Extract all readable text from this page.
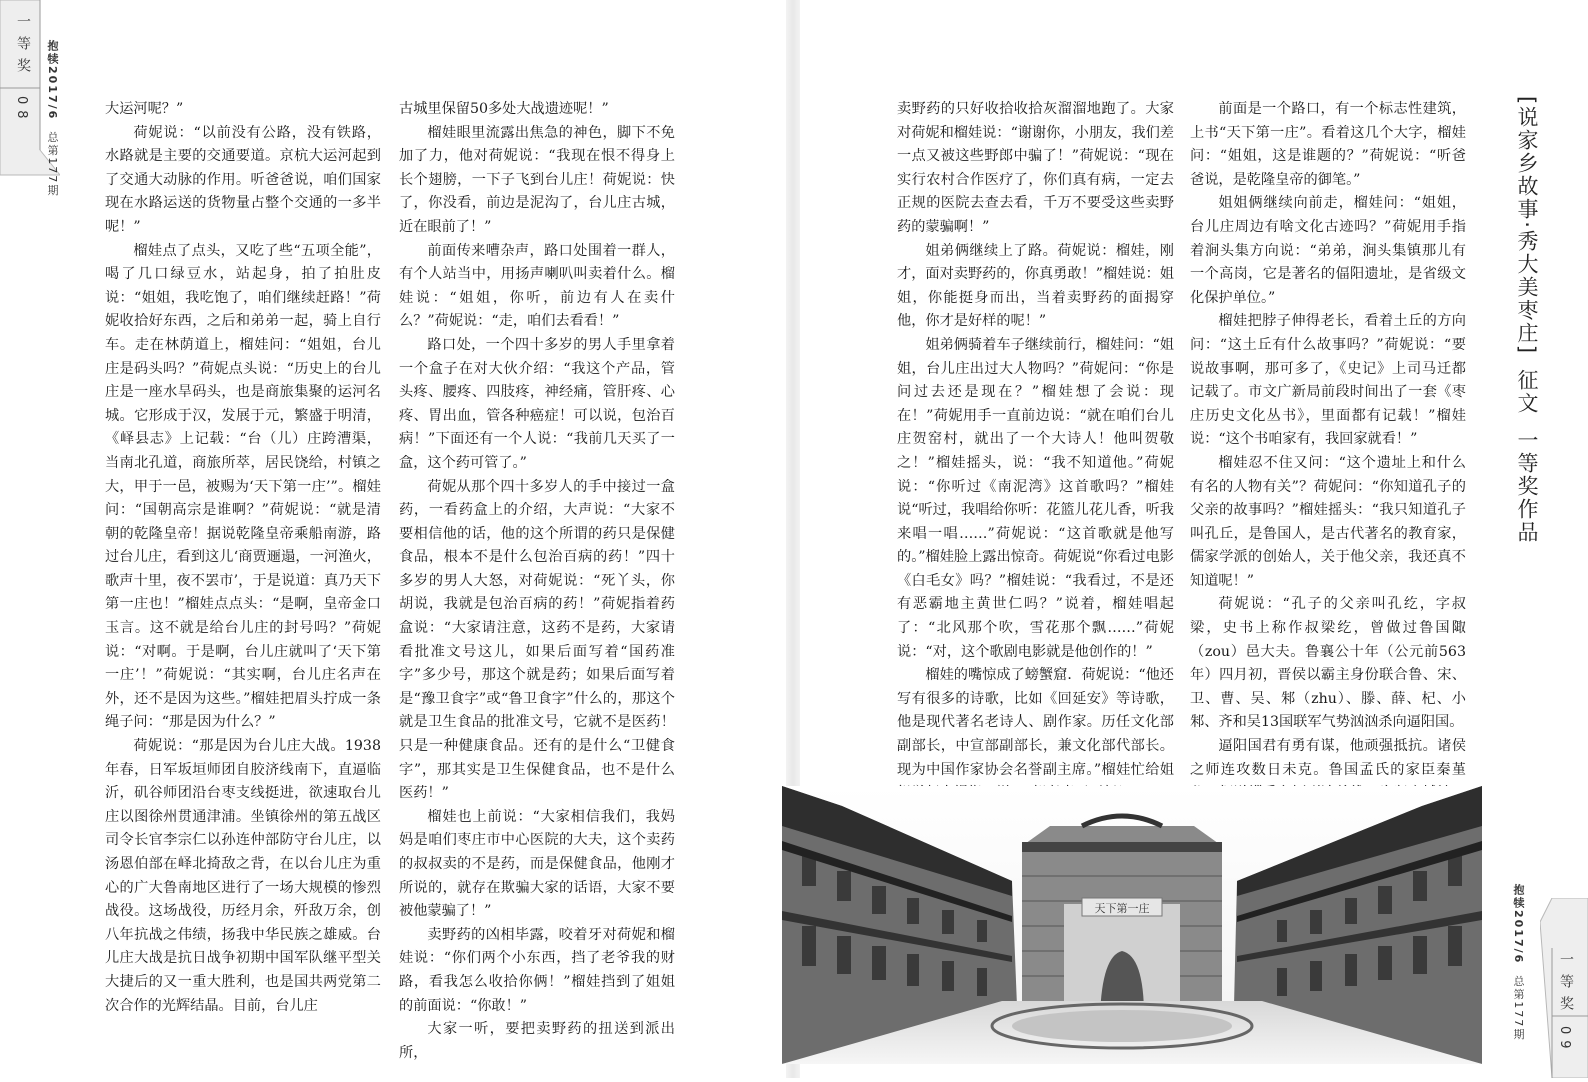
一等奖
08 抱犊2017/6  总第177期

大运河呢？”

荷妮说：“以前没有公路，没有铁路，水路就是主要的交通要道。京杭大运河起到了交通大动脉的作用。听爸爸说，咱们国家现在水路运送的货物量占整个交通的一多半呢！”

榴娃点了点头，又吃了些“五项全能”，喝了几口绿豆水，站起身，拍了拍肚皮说：“姐姐，我吃饱了，咱们继续赶路！”荷妮收拾好东西，之后和弟弟一起，骑上自行车。走在林荫道上，榴娃问：“姐姐，台儿庄是码头吗？”荷妮点头说：“历史上的台儿庄是一座水旱码头，也是商旅集聚的运河名城。它形成于汉，发展于元，繁盛于明清，《峄县志》上记载：“台（儿）庄跨漕渠，当南北孔道，商旅所萃，居民饶给，村镇之大，甲于一邑，被赐为‘天下第一庄’”。榴娃问：“国朝高宗是谁啊？”荷妮说：“就是清朝的乾隆皇帝！据说乾隆皇帝乘船南游，路过台儿庄，看到这儿‘商贾逦遢，一河渔火，歌声十里，夜不罢市’，于是说道：真乃天下第一庄也！”榴娃点点头：“是啊，皇帝金口玉言。这不就是给台儿庄的封号吗？”荷妮说：“对啊。于是啊，台儿庄就叫了‘天下第一庄’！”荷妮说：“其实啊，台儿庄名声在外，还不是因为这些。”榴娃把眉头拧成一条绳子问：“那是因为什么？”

荷妮说：“那是因为台儿庄大战。1938年春，日军坂垣师团自胶济线南下，直逼临沂，矶谷师团沿台枣支线挺进，欲速取台儿庄以图徐州贯通津浦。坐镇徐州的第五战区司令长官李宗仁以孙连仲部防守台儿庄，以汤恩伯部在峄北掎敌之背，在以台儿庄为重心的广大鲁南地区进行了一场大规模的惨烈战役。这场战役，历经月余，歼敌万余，创八年抗战之伟绩，扬我中华民族之雄威。台儿庄大战是抗日战争初期中国军队继平型关大捷后的又一重大胜利，也是国共两党第二次合作的光辉结晶。目前，台儿庄

古城里保留50多处大战遗迹呢！”

榴娃眼里流露出焦急的神色，脚下不免加了力，他对荷妮说：“我现在恨不得身上长个翅膀，一下子飞到台儿庄！荷妮说：快了，你没看，前边是泥沟了，台儿庄古城，近在眼前了！”

前面传来嘈杂声，路口处围着一群人，有个人站当中，用扬声喇叭叫卖着什么。榴娃说：“姐姐，你听，前边有人在卖什么？”荷妮说：“走，咱们去看看！”

路口处，一个四十多岁的男人手里拿着一个盒子在对大伙介绍：“我这个产品，管头疼、腰疼、四肢疼，神经痛，管肝疼、心疼、胃出血，管各种癌症！可以说，包治百病！”下面还有一个人说：“我前几天买了一盒，这个药可管了。”

荷妮从那个四十多岁人的手中接过一盒药，一看药盒上的介绍，大声说：“大家不要相信他的话，他的这个所谓的药只是保健食品，根本不是什么包治百病的药！”四十多岁的男人大怒，对荷妮说：“死丫头，你胡说，我就是包治百病的药！”荷妮指着药盒说：“大家请注意，这药不是药，大家请看批准文号这儿，如果后面写着“国药准字”多少号，那这个就是药；如果后面写着是“豫卫食字”或“鲁卫食字”什么的，那这个就是卫生食品的批准文号，它就不是医药！只是一种健康食品。还有的是什么“卫健食字”，那其实是卫生保健食品，也不是什么医药！”

榴娃也上前说：“大家相信我们，我妈妈是咱们枣庄市中心医院的大夫，这个卖药的叔叔卖的不是药，而是保健食品，他刚才所说的，就存在欺骗大家的话语，大家不要被他蒙骗了！”

卖野药的凶相毕露，咬着牙对荷妮和榴娃说：“你们两个小东西，挡了老爷我的财路，看我怎么收拾你俩！”榴娃挡到了姐姐的前面说：“你敢！”

大家一听，要把卖野药的扭送到派出所，

卖野药的只好收拾收拾灰溜溜地跑了。大家对荷妮和榴娃说：“谢谢你，小朋友，我们差一点又被这些野郎中骗了！”荷妮说：“现在实行农村合作医疗了，你们真有病，一定去正规的医院去查去看，千万不要受这些卖野药的蒙骗啊！”

姐弟俩继续上了路。荷妮说：榴娃，刚才，面对卖野药的，你真勇敢！”榴娃说：姐姐，你能挺身而出，当着卖野药的面揭穿他，你才是好样的呢！”

姐弟俩骑着车子继续前行，榴娃问：“姐姐，台儿庄出过大人物吗？”荷妮问：“你是问过去还是现在？”榴娃想了会说：现在！”荷妮用手一直前边说：“就在咱们台儿庄贺窑村，就出了一个大诗人！他叫贺敬之！”榴娃摇头，说：“我不知道他。”荷妮说：“你听过《南泥湾》这首歌吗？”榴娃说“听过，我唱给你听：花篮儿花儿香，听我来唱一唱……”荷妮说：“这首歌就是他写的。”榴娃脸上露出惊奇。荷妮说“你看过电影《白毛女》吗？”榴娃说：“我看过，不是还有恶霸地主黄世仁吗？”说着，榴娃唱起了：“北风那个吹，雪花那个飘……”荷妮说：“对，这个歌剧电影就是他创作的！”

榴娃的嘴惊成了螃蟹窟．荷妮说：“他还写有很多的诗歌，比如《回延安》等诗歌，他是现代著名老诗人、剧作家。历任文化部副部长，中宣部副部长，兼文化部代部长。现为中国作家协会名誉副主席。”榴娃忙给姐

前面是一个路口，有一个标志性建筑，上书“天下第一庄”。看着这几个大字，榴娃问：“姐姐，这是谁题的？”荷妮说：“听爸爸说，是乾隆皇帝的御笔。”

姐姐俩继续向前走，榴娃问：“姐姐，台儿庄周边有啥文化古迹吗？”荷妮用手指着涧头集方向说：“弟弟，涧头集镇那儿有一个高岗，它是著名的偪阳遗址，是省级文化保护单位。”

榴娃把脖子伸得老长，看着土丘的方向问：“这土丘有什么故事吗？”荷妮说：“要说故事啊，那可多了，《史记》上司马迁都记载了。市文广新局前段时间出了一套《枣庄历史文化丛书》，里面都有记载！”榴娃说：“这个书咱家有，我回家就看！”

榴娃忍不住又问：“这个遗址上和什么有名的人物有关”？荷妮问：“你知道孔子的父亲的故事吗？”榴娃摇头：“我只知道孔子叫孔丘，是鲁国人，是古代著名的教育家，儒家学派的创始人，关于他父亲，我还真不知道呢！”

荷妮说：“孔子的父亲叫孔纥，字叔梁，史书上称作叔梁纥，曾做过鲁国陬（zou）邑大夫。鲁襄公十年（公元前563年）四月初，晋侯以霸主身份联合鲁、宋、卫、曹、吴、邾（zhu）、滕、薛、杞、小邾、齐和吴13国联军气势汹汹杀向逼阳国。

逼阳国君有勇有谋，他顽强抵抗。诸侯之师连攻数日未克。鲁国孟氏的家臣秦堇

[说家乡故事·秀大美枣庄]征文一等奖作品
抱犊2017/6  总第177期 一等奖
09
天下第一庄
